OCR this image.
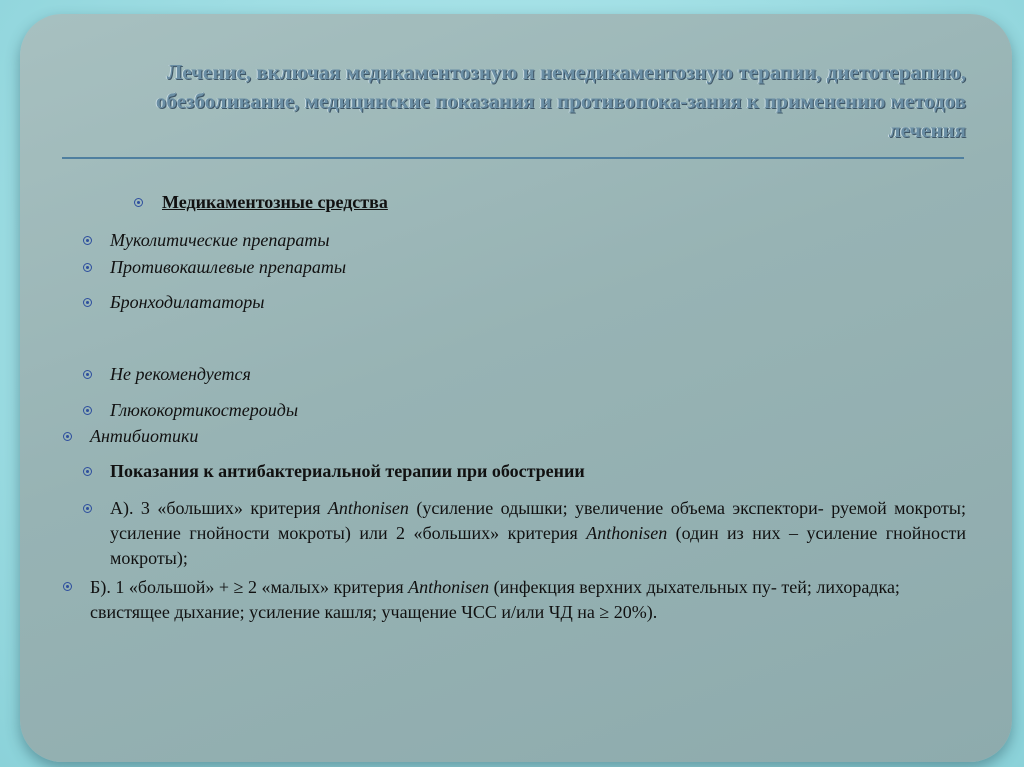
Лечение, включая медикаментозную и немедикаментозную терапии, диетотерапию, обезболивание, медицинские показания и противопока-зания к применению методов лечения
Медикаментозные средства
Муколитические препараты
Противокашлевые препараты
Бронходилататоры
Не рекомендуется
Глюкокортикостероиды
Антибиотики
Показания к антибактериальной терапии при обострении
А). 3 «больших» критерия Anthonisen (усиление одышки; увеличение объема экспектори- руемой мокроты; усиление гнойности мокроты) или 2 «больших» критерия Anthonisen (один из них – усиление гнойности мокроты);
Б). 1 «большой» + ≥ 2 «малых» критерия Anthonisen (инфекция верхних дыхательных пу- тей; лихорадка; свистящее дыхание; усиление кашля; учащение ЧСС и/или ЧД на ≥ 20%).
